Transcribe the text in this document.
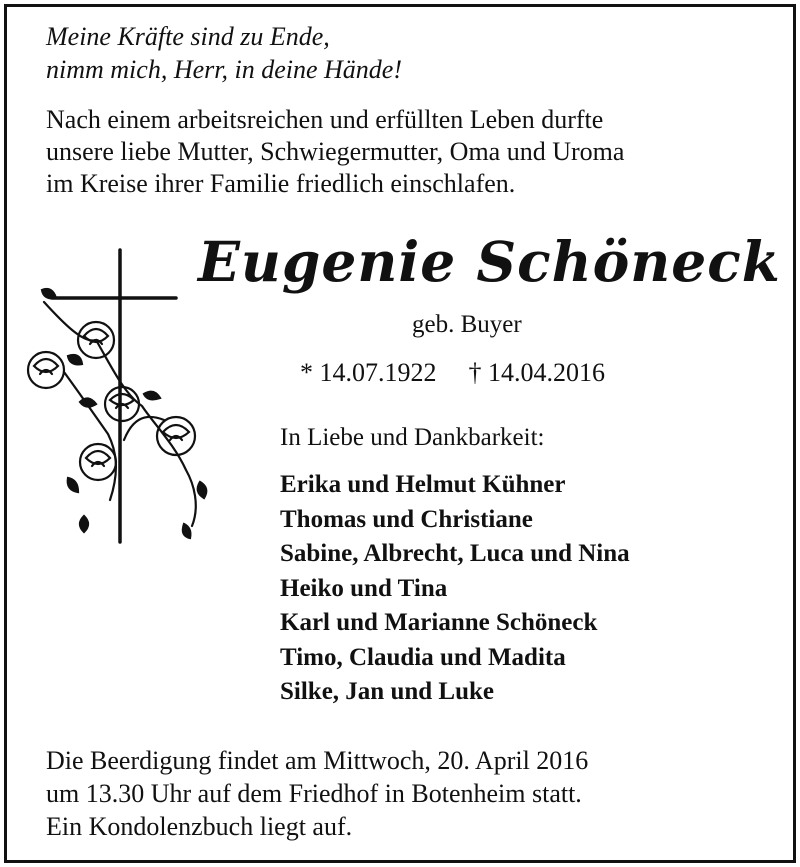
Meine Kräfte sind zu Ende,
nimm mich, Herr, in deine Hände!
Nach einem arbeitsreichen und erfüllten Leben durfte
unsere liebe Mutter, Schwiegermutter, Oma und Uroma
im Kreise ihrer Familie friedlich einschlafen.
Eugenie Schöneck
geb. Buyer
* 14.07.1922 † 14.04.2016
In Liebe und Dankbarkeit:
Erika und Helmut Kühner
Thomas und Christiane
Sabine, Albrecht, Luca und Nina
Heiko und Tina
Karl und Marianne Schöneck
Timo, Claudia und Madita
Silke, Jan und Luke
Die Beerdigung findet am Mittwoch, 20. April 2016
um 13.30 Uhr auf dem Friedhof in Botenheim statt.
Ein Kondolenzbuch liegt auf.
